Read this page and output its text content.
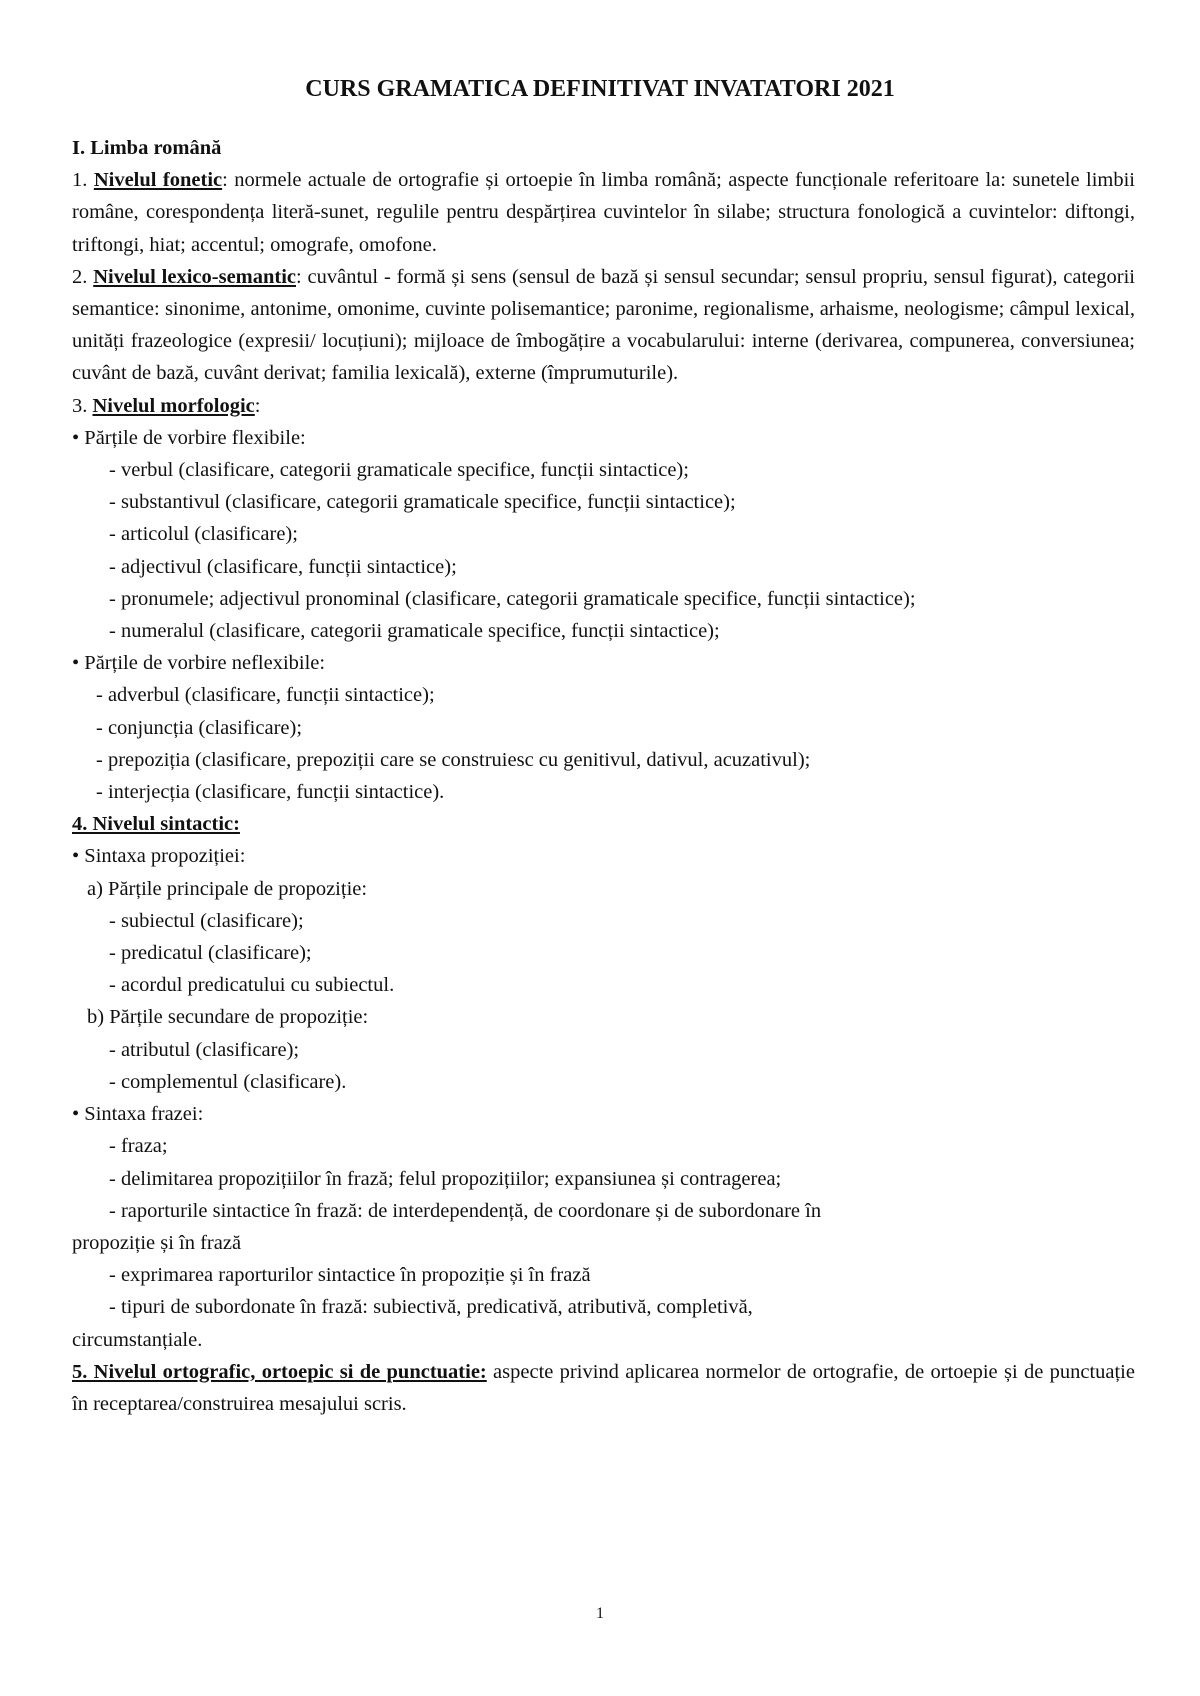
CURS GRAMATICA DEFINITIVAT INVATATORI 2021
I. Limba română
1. Nivelul fonetic: normele actuale de ortografie și ortoepie în limba română; aspecte funcționale referitoare la: sunetele limbii române, corespondența literă-sunet, regulile pentru despărțirea cuvintelor în silabe; structura fonologică a cuvintelor: diftongi, triftongi, hiat; accentul; omografe, omofone.
2. Nivelul lexico-semantic: cuvântul - formă și sens (sensul de bază și sensul secundar; sensul propriu, sensul figurat), categorii semantice: sinonime, antonime, omonime, cuvinte polisemantice; paronime, regionalisme, arhaisme, neologisme; câmpul lexical, unități frazeologice (expresii/ locuțiuni); mijloace de îmbogățire a vocabularului: interne (derivarea, compunerea, conversiunea; cuvânt de bază, cuvânt derivat; familia lexicală), externe (împrumuturile).
3. Nivelul morfologic:
• Părțile de vorbire flexibile:
- verbul (clasificare, categorii gramaticale specifice, funcții sintactice);
- substantivul (clasificare, categorii gramaticale specifice, funcții sintactice);
- articolul (clasificare);
- adjectivul (clasificare, funcții sintactice);
- pronumele; adjectivul pronominal (clasificare, categorii gramaticale specifice, funcții sintactice);
- numeralul (clasificare, categorii gramaticale specifice, funcții sintactice);
• Părțile de vorbire neflexibile:
- adverbul (clasificare, funcții sintactice);
- conjuncția (clasificare);
- prepoziția (clasificare, prepoziții care se construiesc cu genitivul, dativul, acuzativul);
- interjecția (clasificare, funcții sintactice).
4. Nivelul sintactic:
• Sintaxa propoziției:
a) Părțile principale de propoziție:
- subiectul (clasificare);
- predicatul (clasificare);
- acordul predicatului cu subiectul.
b) Părțile secundare de propoziție:
- atributul (clasificare);
- complementul (clasificare).
• Sintaxa frazei:
- fraza;
- delimitarea propozițiilor în frază; felul propozițiilor; expansiunea și contragerea;
- raporturile sintactice în frază: de interdependență, de coordonare și de subordonare în
propoziție și în frază
- exprimarea raporturilor sintactice în propoziție și în frază
- tipuri de subordonate în frază: subiectivă, predicativă, atributivă, completivă,
circumstanțiale.
5. Nivelul ortografic, ortoepic si de punctuatie: aspecte privind aplicarea normelor de ortografie, de ortoepie și de punctuație în receptarea/construirea mesajului scris.
1
